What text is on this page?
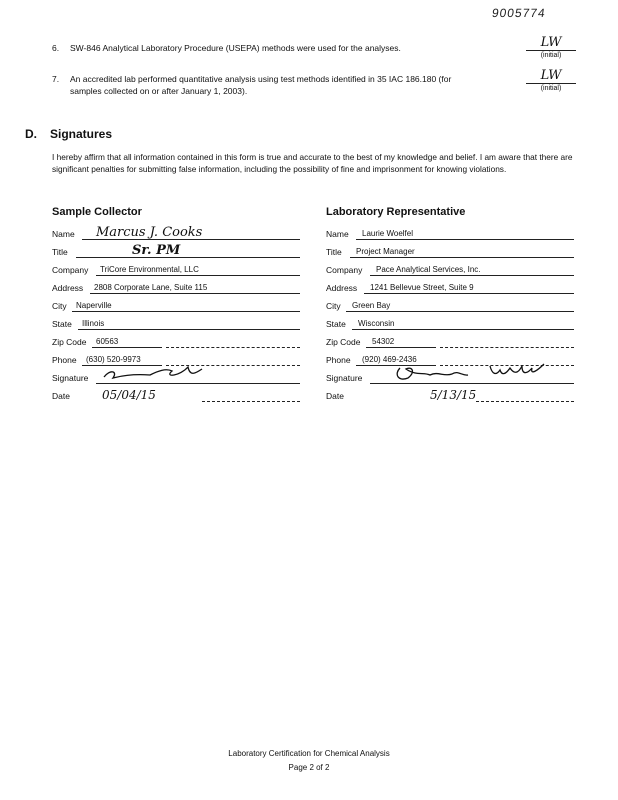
9005774
6. SW-846 Analytical Laboratory Procedure (USEPA) methods were used for the analyses.	LW
(initial)
7. An accredited lab performed quantitative analysis using test methods identified in 35 IAC 186.180 (for samples collected on or after January 1, 2003).
LW
(initial)
D. Signatures
I hereby affirm that all information contained in this form is true and accurate to the best of my knowledge and belief. I am aware that there are significant penalties for submitting false information, including the possibility of fine and imprisonment for knowing violations.
Sample Collector
Name Marcus J. Cooks
Title	Sr. PM
Company TriCore Environmental, LLC
Address 2808 Corporate Lane, Suite 115
City Naperville
State Illinois
Zip Code 60563
Phone (630) 520-9973
Signature
Date	05/04/15
Laboratory Representative
Name Laurie Woelfel
Title Project Manager
Company Pace Analytical Services, Inc.
Address 1241 Bellevue Street, Suite 9
City Green Bay
State Wisconsin
Zip Code 54302
Phone (920) 469-2436
Signature
Date	5/13/15
Laboratory Certification for Chemical Analysis
Page 2 of 2
